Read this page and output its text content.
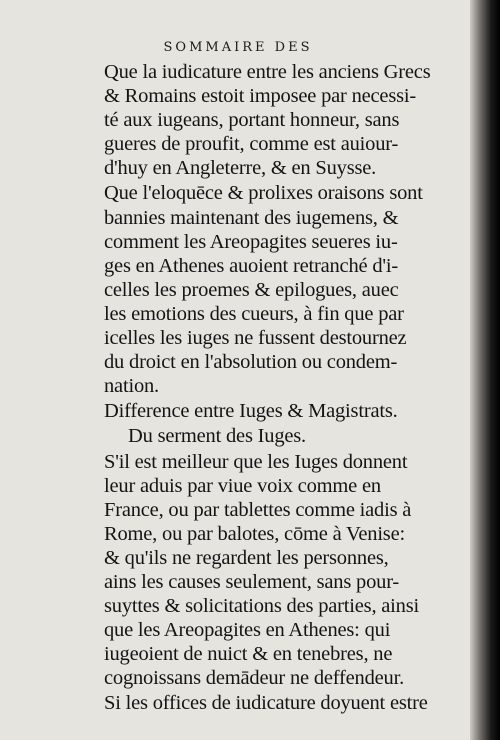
SOMMAIRE DES

Que la iudicature entre les anciens Grecs
& Romains estoit imposee par necessi-
té aux iugeans, portant honneur, sans
gueres de proufit, comme est auiour-
d'huy en Angleterre, & en Suysse.

Que l'eloquēce & prolixes oraisons sont
bannies maintenant des iugemens, &
comment les Areopagites seueres iu-
ges en Athenes auoient retranché d'i-
celles les proemes & epilogues, auec
les emotions des cueurs, à fin que par
icelles les iuges ne fussent destournez
du droict en l'absolution ou condem-
nation.

Difference entre Iuges & Magistrats.

Du serment des Iuges.

S'il est meilleur que les Iuges donnent
leur aduis par viue voix comme en
France, ou par tablettes comme iadis à
Rome, ou par balotes, cōme à Venise:
& qu'ils ne regardent les personnes,
ains les causes seulement, sans pour-
suyttes & solicitations des parties, ainsi
que les Areopagites en Athenes: qui
iugeoient de nuict & en tenebres, ne
cognoissans demādeur ne deffendeur.

Si les offices de iudicature doyuent estre
